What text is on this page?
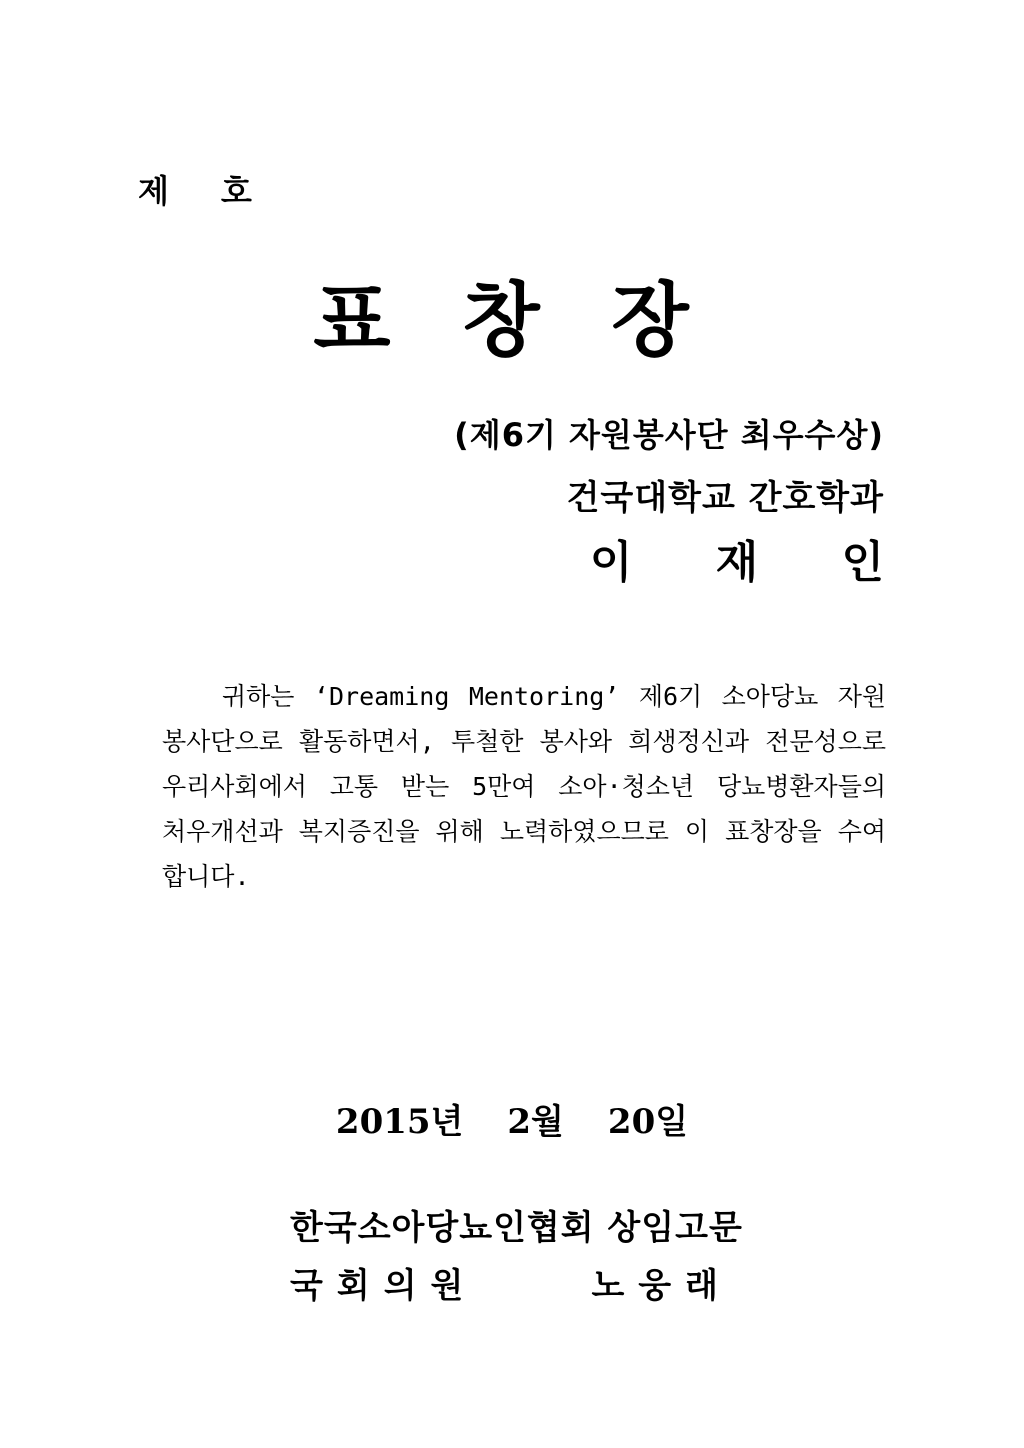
제 호
표 창 장
(제6기 자원봉사단 최우수상)
건국대학교 간호학과
이 재 인
귀하는 ‘Dreaming Mentoring’ 제6기 소아당뇨 자원봉사단으로 활동하면서, 투철한 봉사와 희생정신과 전문성으로 우리사회에서 고통 받는 5만여 소아·청소년 당뇨병환자들의 처우개선과 복지증진을 위해 노력하였으므로 이 표창장을 수여합니다.
2015년 2월 20일
한국소아당뇨인협회 상임고문
국회의원	노웅래
